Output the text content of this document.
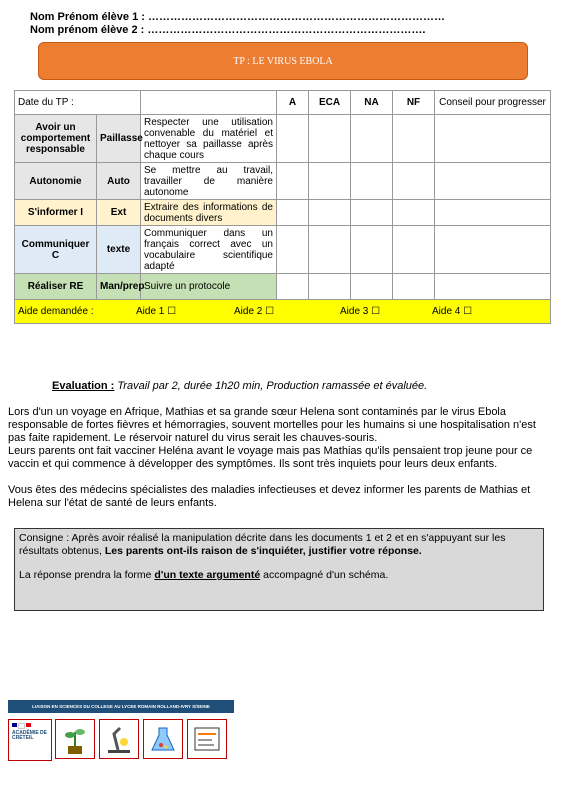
Nom Prénom élève 1 : ………………………………………………………………………
Nom prénom élève 2 : ………………………………………………………………….
TP : LE VIRUS EBOLA
Date du TP :			A	ECA	NA	NF	Conseil pour progresser
Avoir un comportement responsable	Paillasse	Respecter une utilisation convenable du matériel et nettoyer sa paillasse après chaque cours					
Autonomie	Auto	Se mettre au travail, travailler de manière autonome					
S'informer I	Ext	Extraire des informations de documents divers					
Communiquer C	texte	Communiquer dans un français correct avec un vocabulaire scientifique adapté					
Réaliser RE	Man/prep	Suivre un protocole					

Aide demandée : Aide 1 ☐ Aide 2 ☐ Aide 3 ☐ Aide 4 ☐							
Evaluation : Travail par 2, durée 1h20 min, Production ramassée et évaluée.
Lors d'un un voyage en Afrique, Mathias et sa grande sœur Helena sont contaminés par le virus Ebola responsable de fortes fièvres et hémorragies, souvent mortelles pour les humains si une hospitalisation n'est pas faite rapidement. Le réservoir naturel du virus serait les chauves-souris.
Leurs parents ont fait vacciner Heléna avant le voyage mais pas Mathias qu'ils pensaient trop jeune pour ce vaccin et qui commence à développer des symptômes. Ils sont très inquiets pour leurs deux enfants.
Vous êtes des médecins spécialistes des maladies infectieuses et devez informer les parents de Mathias et Helena sur l'état de santé de leurs enfants.
Consigne : Après avoir réalisé la manipulation décrite dans les documents 1 et 2 et en s'appuyant sur les résultats obtenus, Les parents ont-ils raison de s'inquiéter, justifier votre réponse.
La réponse prendra la forme d'un texte argumenté accompagné d'un schéma.
LIAISON EN SCIENCES DU COLLEGE AU LYCEE ROMAIN ROLLAND-IVRY S/SEINE
ACADÉMIE DE CRÉTEIL
